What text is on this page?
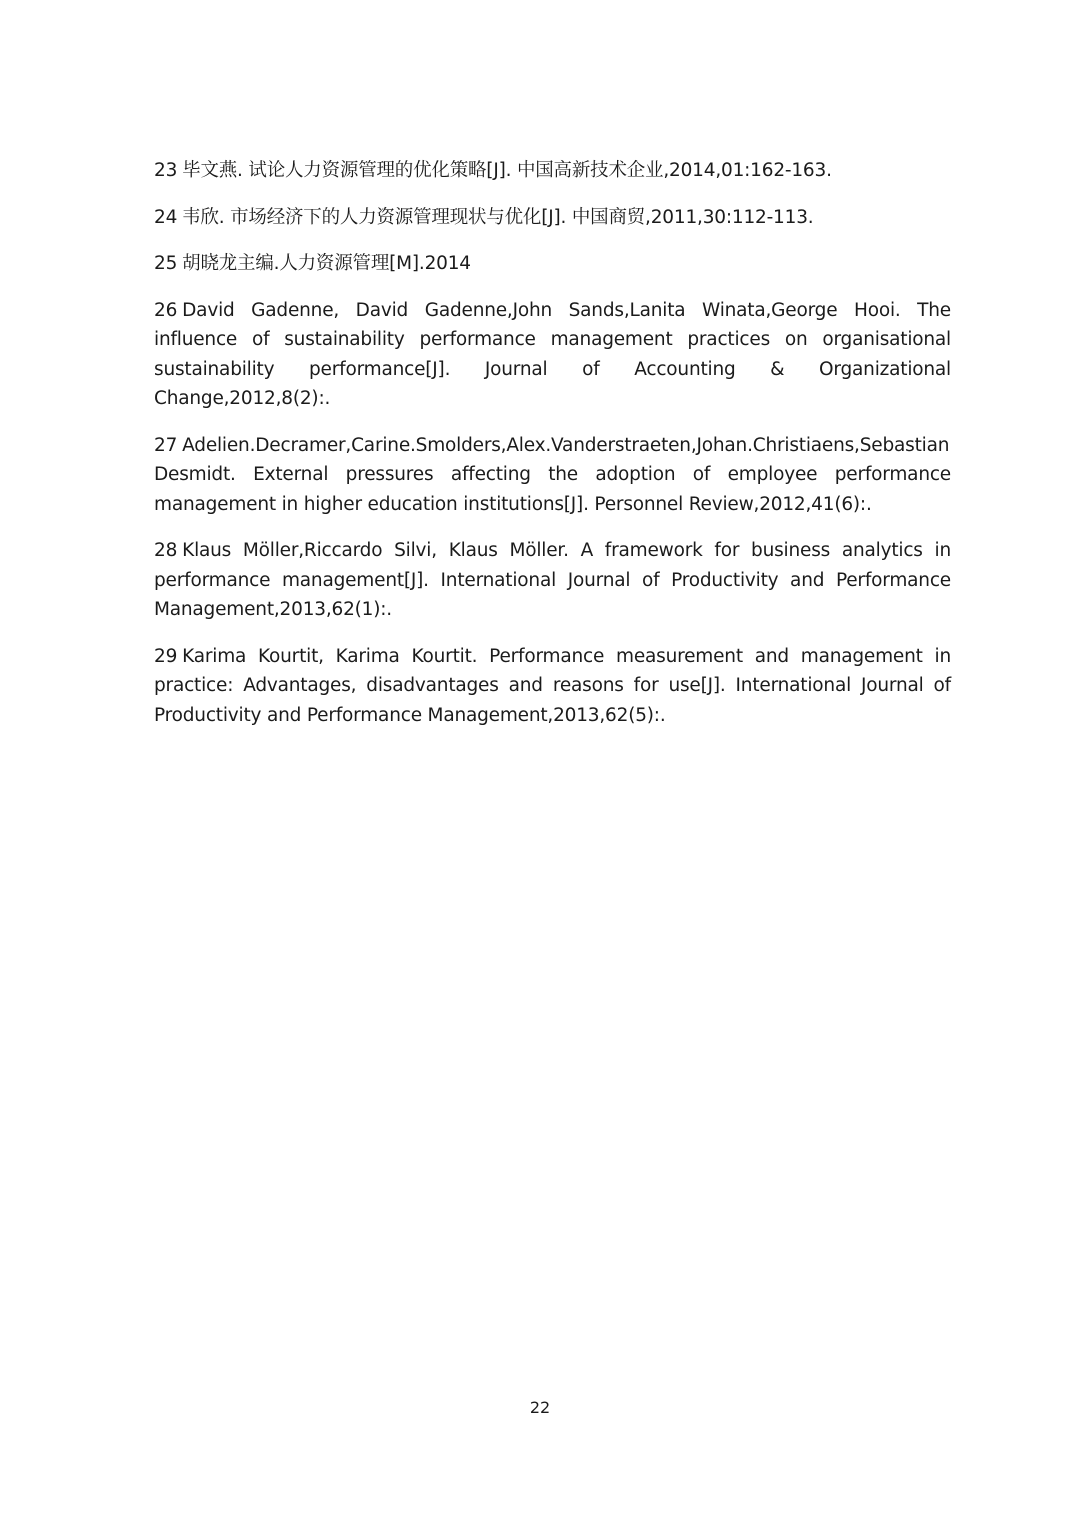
23 毕文燕. 试论人力资源管理的优化策略[J]. 中国高新技术企业,2014,01:162-163.
24 韦欣. 市场经济下的人力资源管理现状与优化[J]. 中国商贸,2011,30:112-113.
25 胡晓龙主编.人力资源管理[M].2014
26 David Gadenne, David Gadenne,John Sands,Lanita Winata,George Hooi. The influence of sustainability performance management practices on organisational sustainability performance[J]. Journal of Accounting & Organizational Change,2012,8(2):.
27 Adelien.Decramer,Carine.Smolders,Alex.Vanderstraeten,Johan.Christiaens,Sebastian Desmidt. External pressures affecting the adoption of employee performance management in higher education institutions[J]. Personnel Review,2012,41(6):.
28 Klaus Möller,Riccardo Silvi, Klaus Möller. A framework for business analytics in performance management[J]. International Journal of Productivity and Performance Management,2013,62(1):.
29 Karima Kourtit, Karima Kourtit. Performance measurement and management in practice: Advantages, disadvantages and reasons for use[J]. International Journal of Productivity and Performance Management,2013,62(5):.
22
